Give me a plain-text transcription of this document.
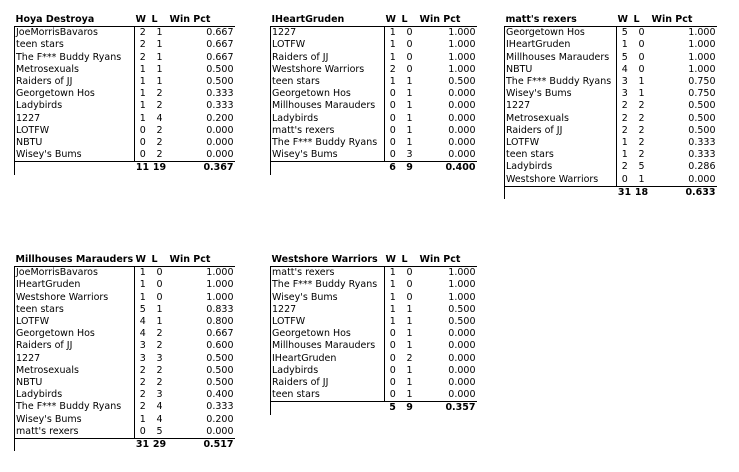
Hoya Destroya	W	L	Win Pct
JoeMorrisBavaros	2	1	0.667
teen stars	2	1	0.667
The F*** Buddy Ryans	2	1	0.667
Metrosexuals	1	1	0.500
Raiders of JJ	1	1	0.500
Georgetown Hos	1	2	0.333
Ladybirds	1	2	0.333
1227	1	4	0.200
LOTFW	0	2	0.000
NBTU	0	2	0.000
Wisey's Bums	0	2	0.000
	11	19	0.367
IHeartGruden	W	L	Win Pct
1227	1	0	1.000
LOTFW	1	0	1.000
Raiders of JJ	1	0	1.000
Westshore Warriors	2	0	1.000
teen stars	1	1	0.500
Georgetown Hos	0	1	0.000
Millhouses Marauders	0	1	0.000
Ladybirds	0	1	0.000
matt's rexers	0	1	0.000
The F*** Buddy Ryans	0	1	0.000
Wisey's Bums	0	3	0.000
	6	9	0.400
matt's rexers	W	L	Win Pct
Georgetown Hos	5	0	1.000
IHeartGruden	1	0	1.000
Millhouses Marauders	5	0	1.000
NBTU	4	0	1.000
The F*** Buddy Ryans	3	1	0.750
Wisey's Bums	3	1	0.750
1227	2	2	0.500
Metrosexuals	2	2	0.500
Raiders of JJ	2	2	0.500
LOTFW	1	2	0.333
teen stars	1	2	0.333
Ladybirds	2	5	0.286
Westshore Warriors	0	1	0.000
	31	18	0.633
Millhouses Marauders	W	L	Win Pct
JoeMorrisBavaros	1	0	1.000
IHeartGruden	1	0	1.000
Westshore Warriors	1	0	1.000
teen stars	5	1	0.833
LOTFW	4	1	0.800
Georgetown Hos	4	2	0.667
Raiders of JJ	3	2	0.600
1227	3	3	0.500
Metrosexuals	2	2	0.500
NBTU	2	2	0.500
Ladybirds	2	3	0.400
The F*** Buddy Ryans	2	4	0.333
Wisey's Bums	1	4	0.200
matt's rexers	0	5	0.000
	31	29	0.517
Westshore Warriors	W	L	Win Pct
matt's rexers	1	0	1.000
The F*** Buddy Ryans	1	0	1.000
Wisey's Bums	1	0	1.000
1227	1	1	0.500
LOTFW	1	1	0.500
Georgetown Hos	0	1	0.000
Millhouses Marauders	0	1	0.000
IHeartGruden	0	2	0.000
Ladybirds	0	1	0.000
Raiders of JJ	0	1	0.000
teen stars	0	1	0.000
	5	9	0.357
